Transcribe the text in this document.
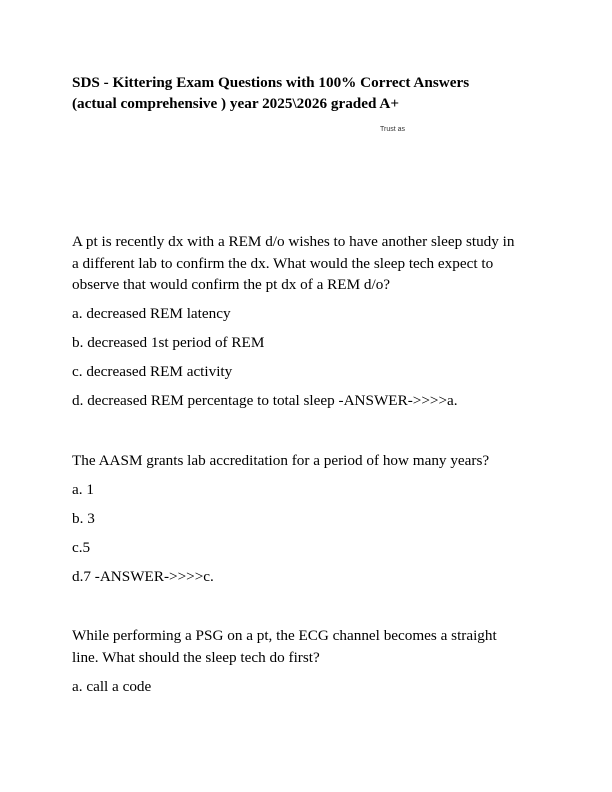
SDS - Kittering Exam Questions with 100% Correct Answers
(actual comprehensive ) year 2025\2026 graded A+
Trust as
A pt is recently dx with a REM d/o wishes to have another sleep study in
a different lab to confirm the dx. What would the sleep tech expect to
observe that would confirm the pt dx of a REM d/o?
a. decreased REM latency
b. decreased 1st period of REM
c. decreased REM activity
d. decreased REM percentage to total sleep -ANSWER->>>>a.
The AASM grants lab accreditation for a period of how many years?
a. 1
b. 3
c.5
d.7 -ANSWER->>>>c.
While performing a PSG on a pt, the ECG channel becomes a straight
line. What should the sleep tech do first?
a. call a code
